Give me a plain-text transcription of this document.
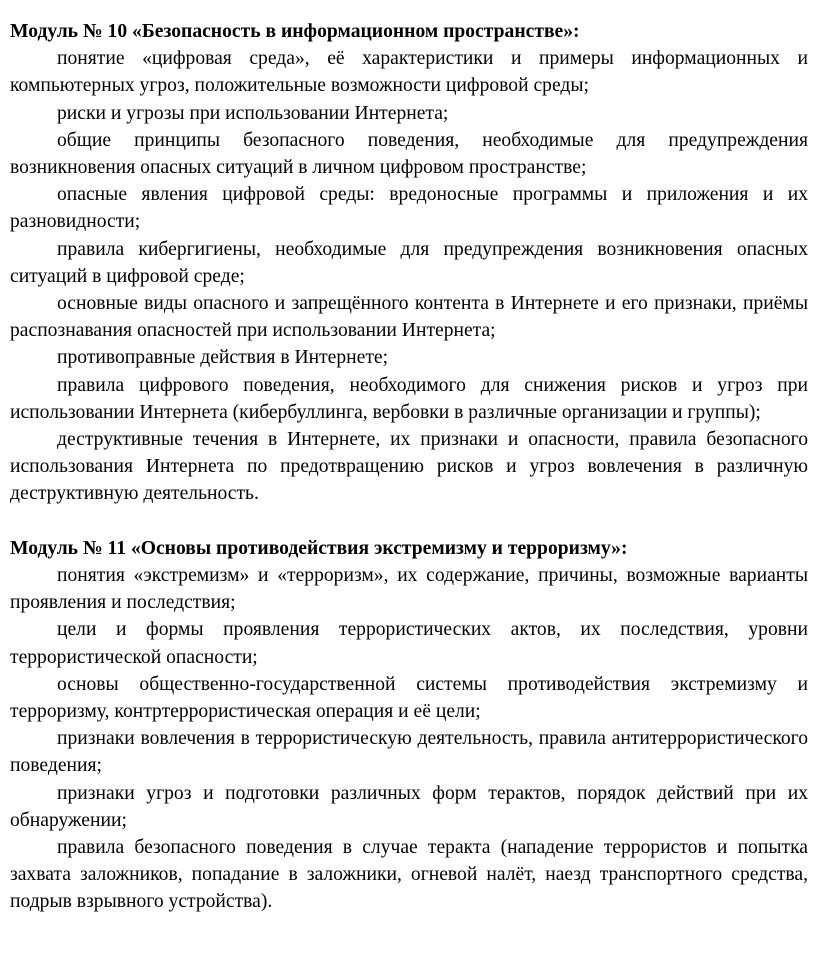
Модуль № 10 «Безопасность в информационном пространстве»:

понятие «цифровая среда», её характеристики и примеры информационных и компьютерных угроз, положительные возможности цифровой среды;

риски и угрозы при использовании Интернета;

общие принципы безопасного поведения, необходимые для предупреждения возникновения опасных ситуаций в личном цифровом пространстве;

опасные явления цифровой среды: вредоносные программы и приложения и их разновидности;

правила кибергигиены, необходимые для предупреждения возникновения опасных ситуаций в цифровой среде;

основные виды опасного и запрещённого контента в Интернете и его признаки, приёмы распознавания опасностей при использовании Интернета;

противоправные действия в Интернете;

правила цифрового поведения, необходимого для снижения рисков и угроз при использовании Интернета (кибербуллинга, вербовки в различные организации и группы);

деструктивные течения в Интернете, их признаки и опасности, правила безопасного использования Интернета по предотвращению рисков и угроз вовлечения в различную деструктивную деятельность.

Модуль № 11 «Основы противодействия экстремизму и терроризму»:

понятия «экстремизм» и «терроризм», их содержание, причины, возможные варианты проявления и последствия;

цели и формы проявления террористических актов, их последствия, уровни террористической опасности;

основы общественно-государственной системы противодействия экстремизму и терроризму, контртеррористическая операция и её цели;

признаки вовлечения в террористическую деятельность, правила антитеррористического поведения;

признаки угроз и подготовки различных форм терактов, порядок действий при их обнаружении;

правила безопасного поведения в случае теракта (нападение террористов и попытка захвата заложников, попадание в заложники, огневой налёт, наезд транспортного средства, подрыв взрывного устройства).
